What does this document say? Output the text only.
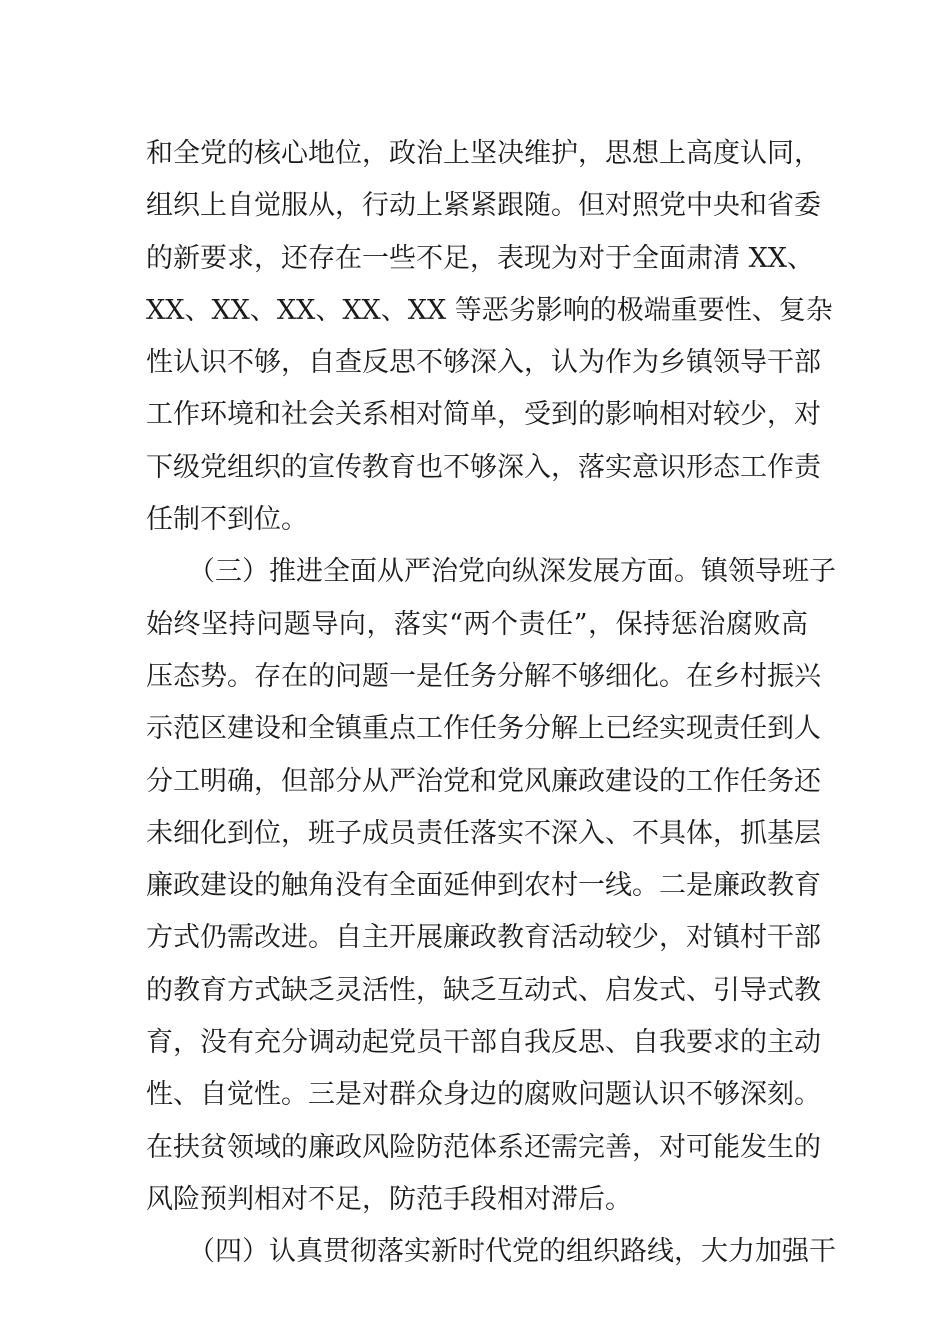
和全党的核心地位，政治上坚决维护，思想上高度认同，
组织上自觉服从，行动上紧紧跟随。但对照党中央和省委
的新要求，还存在一些不足，表现为对于全面肃清 XX、
XX、XX、XX、XX、XX 等恶劣影响的极端重要性、复杂
性认识不够，自查反思不够深入，认为作为乡镇领导干部
工作环境和社会关系相对简单，受到的影响相对较少，对
下级党组织的宣传教育也不够深入，落实意识形态工作责
任制不到位。
（三）推进全面从严治党向纵深发展方面。镇领导班子
始终坚持问题导向，落实“两个责任”，保持惩治腐败高
压态势。存在的问题一是任务分解不够细化。在乡村振兴
示范区建设和全镇重点工作任务分解上已经实现责任到人
分工明确，但部分从严治党和党风廉政建设的工作任务还
未细化到位，班子成员责任落实不深入、不具体，抓基层
廉政建设的触角没有全面延伸到农村一线。二是廉政教育
方式仍需改进。自主开展廉政教育活动较少，对镇村干部
的教育方式缺乏灵活性，缺乏互动式、启发式、引导式教
育，没有充分调动起党员干部自我反思、自我要求的主动
性、自觉性。三是对群众身边的腐败问题认识不够深刻。
在扶贫领域的廉政风险防范体系还需完善，对可能发生的
风险预判相对不足，防范手段相对滞后。
（四）认真贯彻落实新时代党的组织路线，大力加强干
